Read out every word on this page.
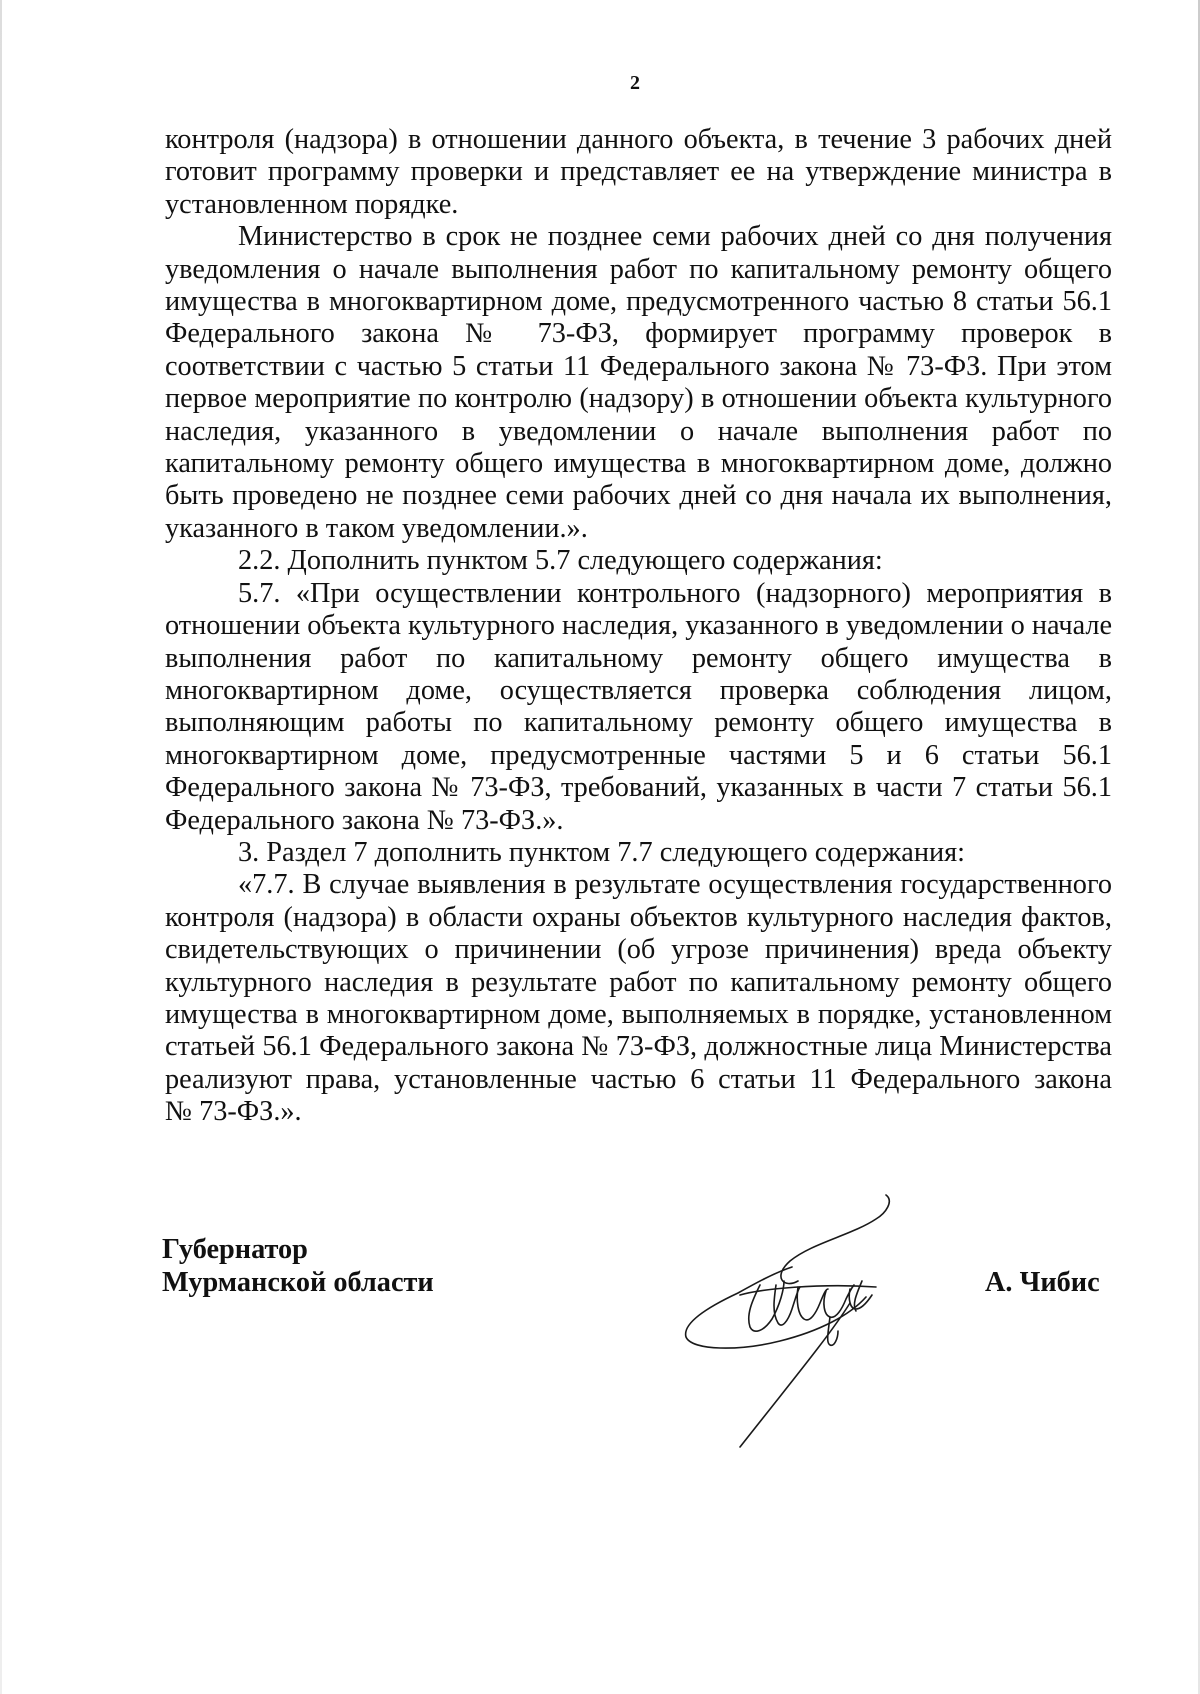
2
контроля (надзора) в отношении данного объекта, в течение 3 рабочих дней
готовит программу проверки и представляет ее на утверждение министра в
установленном порядке.
Министерство в срок не позднее семи рабочих дней со дня получения
уведомления о начале выполнения работ по капитальному ремонту общего
имущества в многоквартирном доме, предусмотренного частью 8 статьи 56.1
Федерального закона № 73-ФЗ, формирует программу проверок в
соответствии с частью 5 статьи 11 Федерального закона № 73-ФЗ. При этом
первое мероприятие по контролю (надзору) в отношении объекта культурного
наследия, указанного в уведомлении о начале выполнения работ по
капитальному ремонту общего имущества в многоквартирном доме, должно
быть проведено не позднее семи рабочих дней со дня начала их выполнения,
указанного в таком уведомлении.».
2.2. Дополнить пунктом 5.7 следующего содержания:
5.7. «При осуществлении контрольного (надзорного) мероприятия в
отношении объекта культурного наследия, указанного в уведомлении о начале
выполнения работ по капитальному ремонту общего имущества в
многоквартирном доме, осуществляется проверка соблюдения лицом,
выполняющим работы по капитальному ремонту общего имущества в
многоквартирном доме, предусмотренные частями 5 и 6 статьи 56.1
Федерального закона № 73-ФЗ, требований, указанных в части 7 статьи 56.1
Федерального закона № 73-ФЗ.».
3. Раздел 7 дополнить пунктом 7.7 следующего содержания:
«7.7. В случае выявления в результате осуществления государственного
контроля (надзора) в области охраны объектов культурного наследия фактов,
свидетельствующих о причинении (об угрозе причинения) вреда объекту
культурного наследия в результате работ по капитальному ремонту общего
имущества в многоквартирном доме, выполняемых в порядке, установленном
статьей 56.1 Федерального закона № 73-ФЗ, должностные лица Министерства
реализуют права, установленные частью 6 статьи 11 Федерального закона
№ 73-ФЗ.».
Губернатор
Мурманской области	А. Чибис
